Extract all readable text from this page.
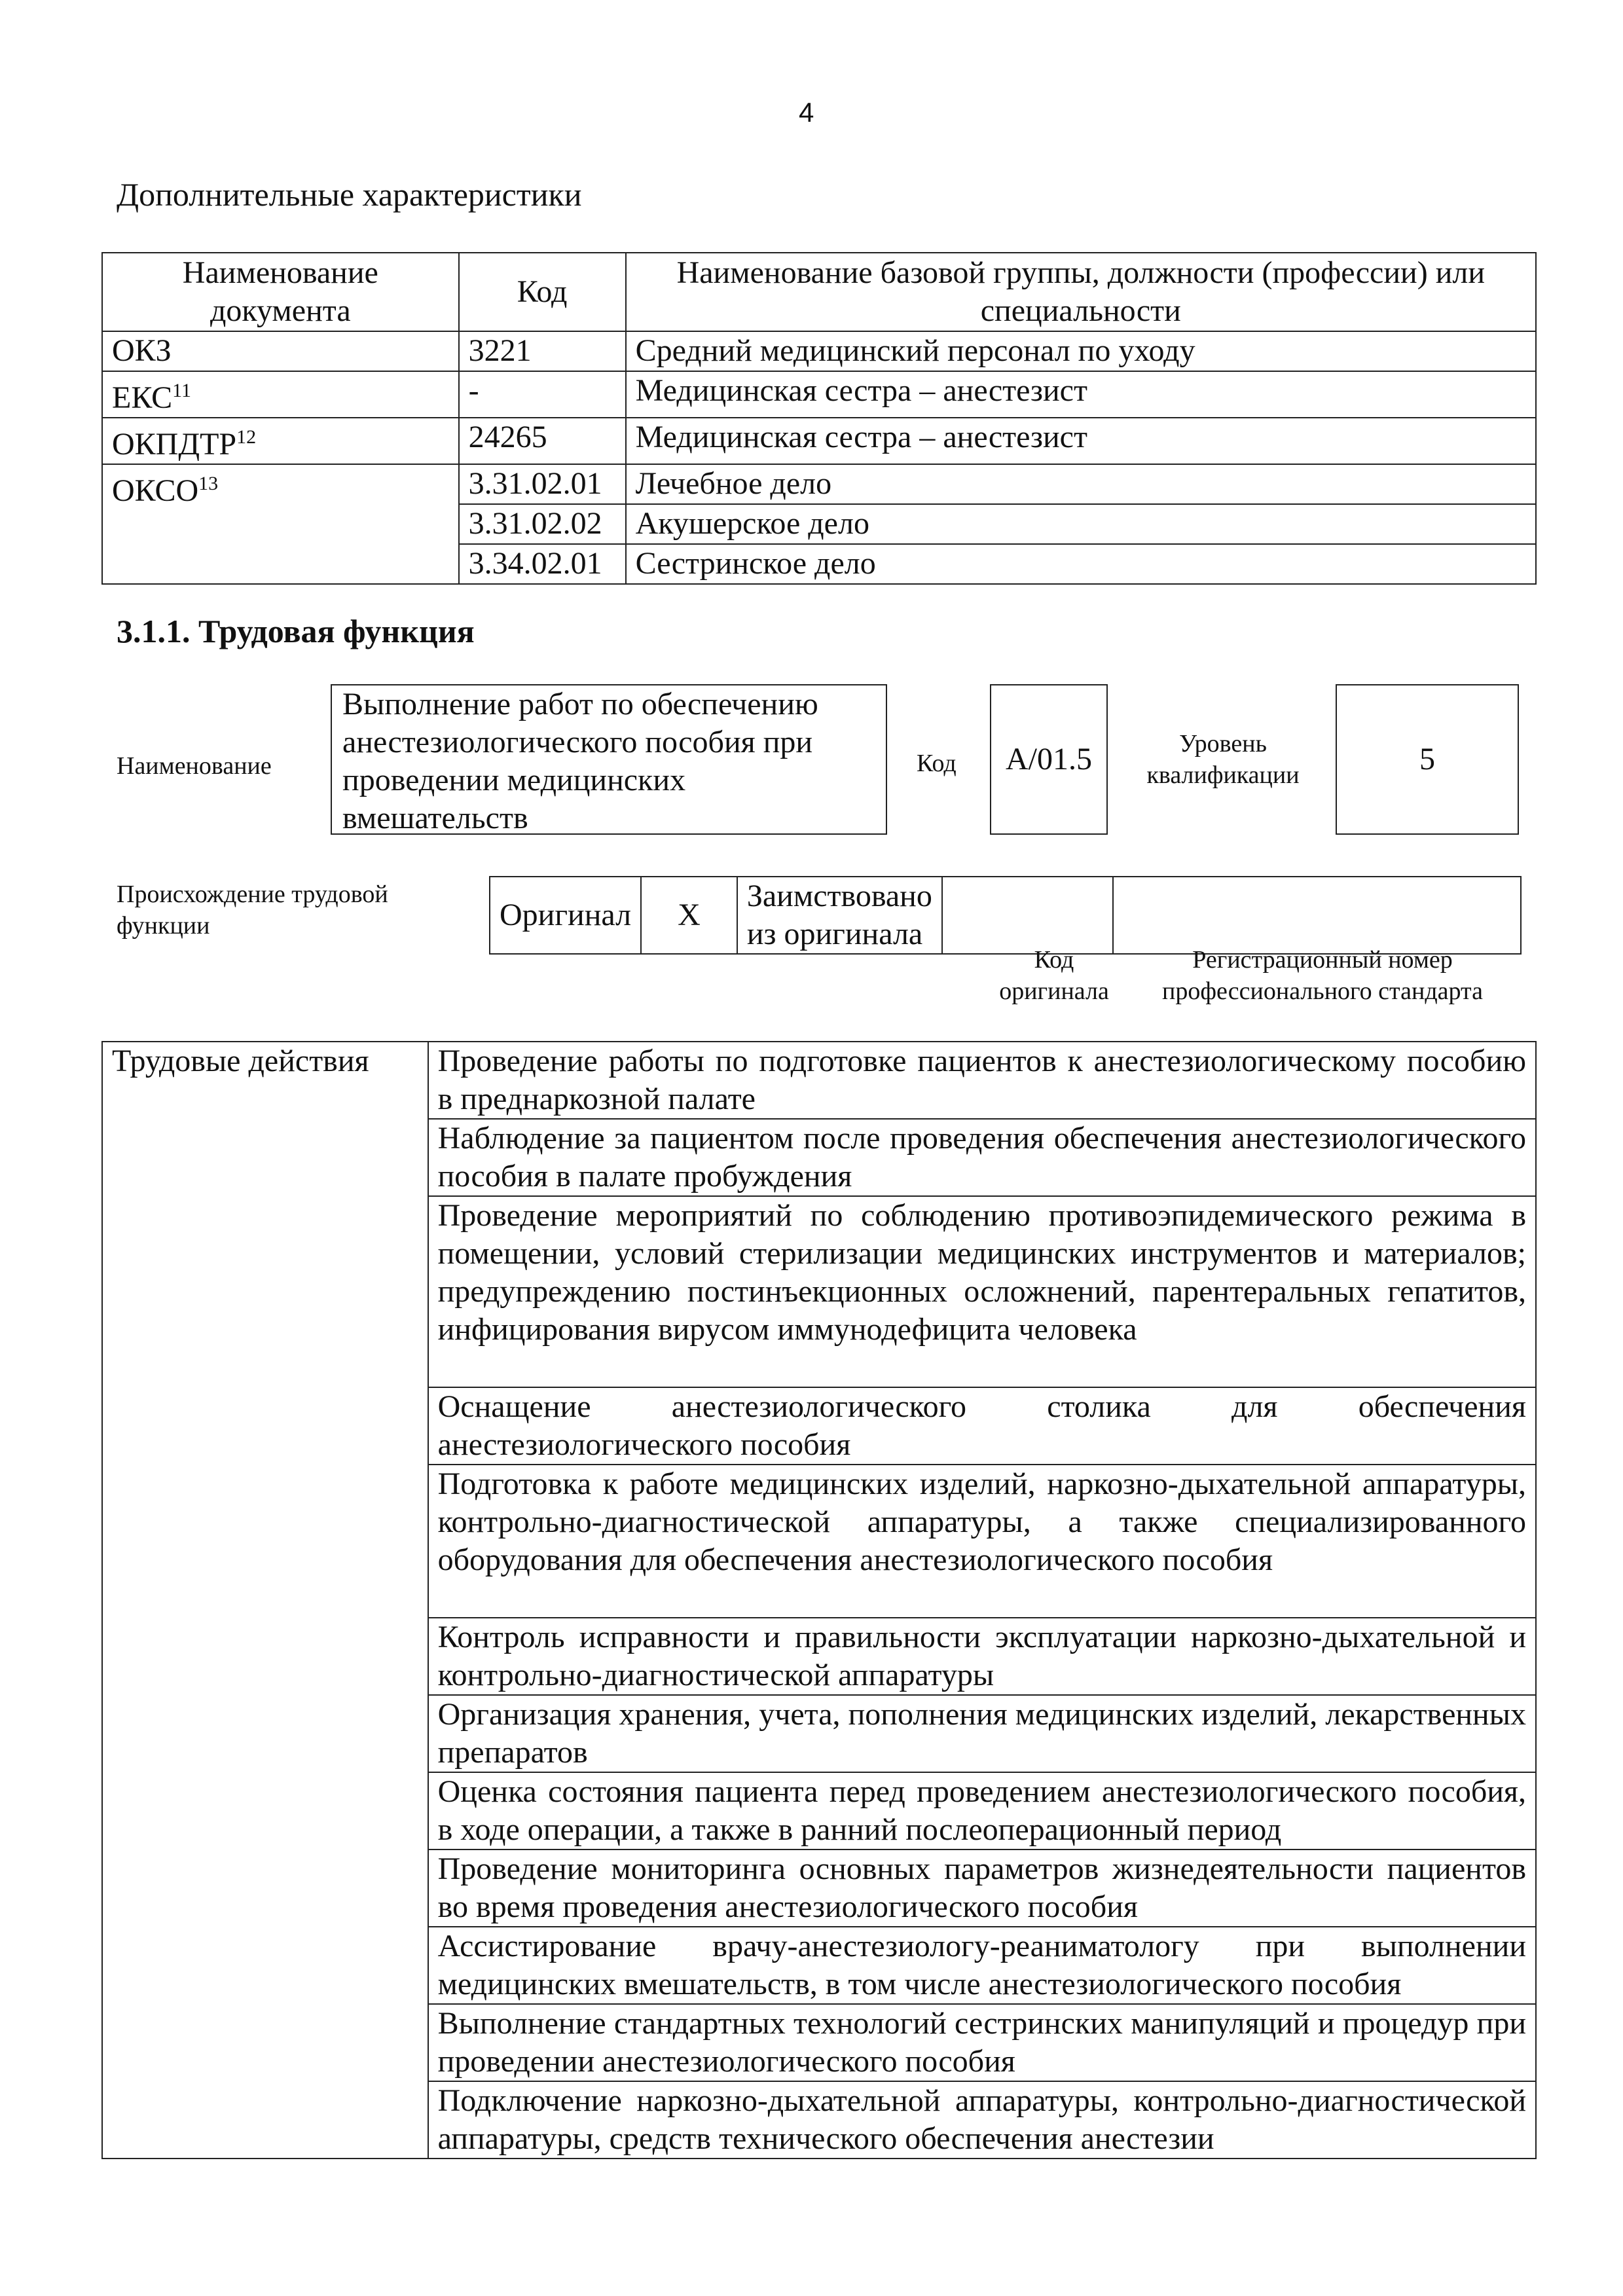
4
Дополнительные характеристики
Наименование документа	Код	Наименование базовой группы, должности (профессии) или специальности
ОКЗ	3221	Средний медицинский персонал по уходу
ЕКС$^{11}$	-	Медицинская сестра – анестезист
ОКПДТР$^{12}$	24265	Медицинская сестра – анестезист
ОКСО$^{13}$	3.31.02.01	Лечебное дело
	3.31.02.02	Акушерское дело
	3.34.02.01	Сестринское дело
3.1.1. Трудовая функция
Наименование
Выполнение работ по обеспечению анестезиологического пособия при проведении медицинских вмешательств
Код	A/01.5	Уровень квалификации	5
Происхождение трудовой функции	Оригинал	X	Заимствовано из оригинала		
Код оригинала
Регистрационный номер профессионального стандарта
Трудовые действия	Проведение работы по подготовке пациентов к анестезиологическому пособию в преднаркозной палате
Наблюдение за пациентом после проведения обеспечения анестезиологического пособия в палате пробуждения
Проведение мероприятий по соблюдению противоэпидемического режима в помещении, условий стерилизации медицинских инструментов и материалов; предупреждению постинъекционных осложнений, парентеральных гепатитов, инфицирования вирусом иммунодефицита человека
Оснащение анестезиологического столика для обеспечения анестезиологического пособия
Подготовка к работе медицинских изделий, наркозно-дыхательной аппаратуры, контрольно-диагностической аппаратуры, а также специализированного оборудования для обеспечения анестезиологического пособия
Контроль исправности и правильности эксплуатации наркозно-дыхательной и контрольно-диагностической аппаратуры
Организация хранения, учета, пополнения медицинских изделий, лекарственных препаратов
Оценка состояния пациента перед проведением анестезиологического пособия, в ходе операции, а также в ранний послеоперационный период
Проведение мониторинга основных параметров жизнедеятельности пациентов во время проведения анестезиологического пособия
Ассистирование врачу-анестезиологу-реаниматологу при выполнении медицинских вмешательств, в том числе анестезиологического пособия
Выполнение стандартных технологий сестринских манипуляций и процедур при проведении анестезиологического пособия
Подключение наркозно-дыхательной аппаратуры, контрольно-диагностической аппаратуры, средств технического обеспечения анестезии
